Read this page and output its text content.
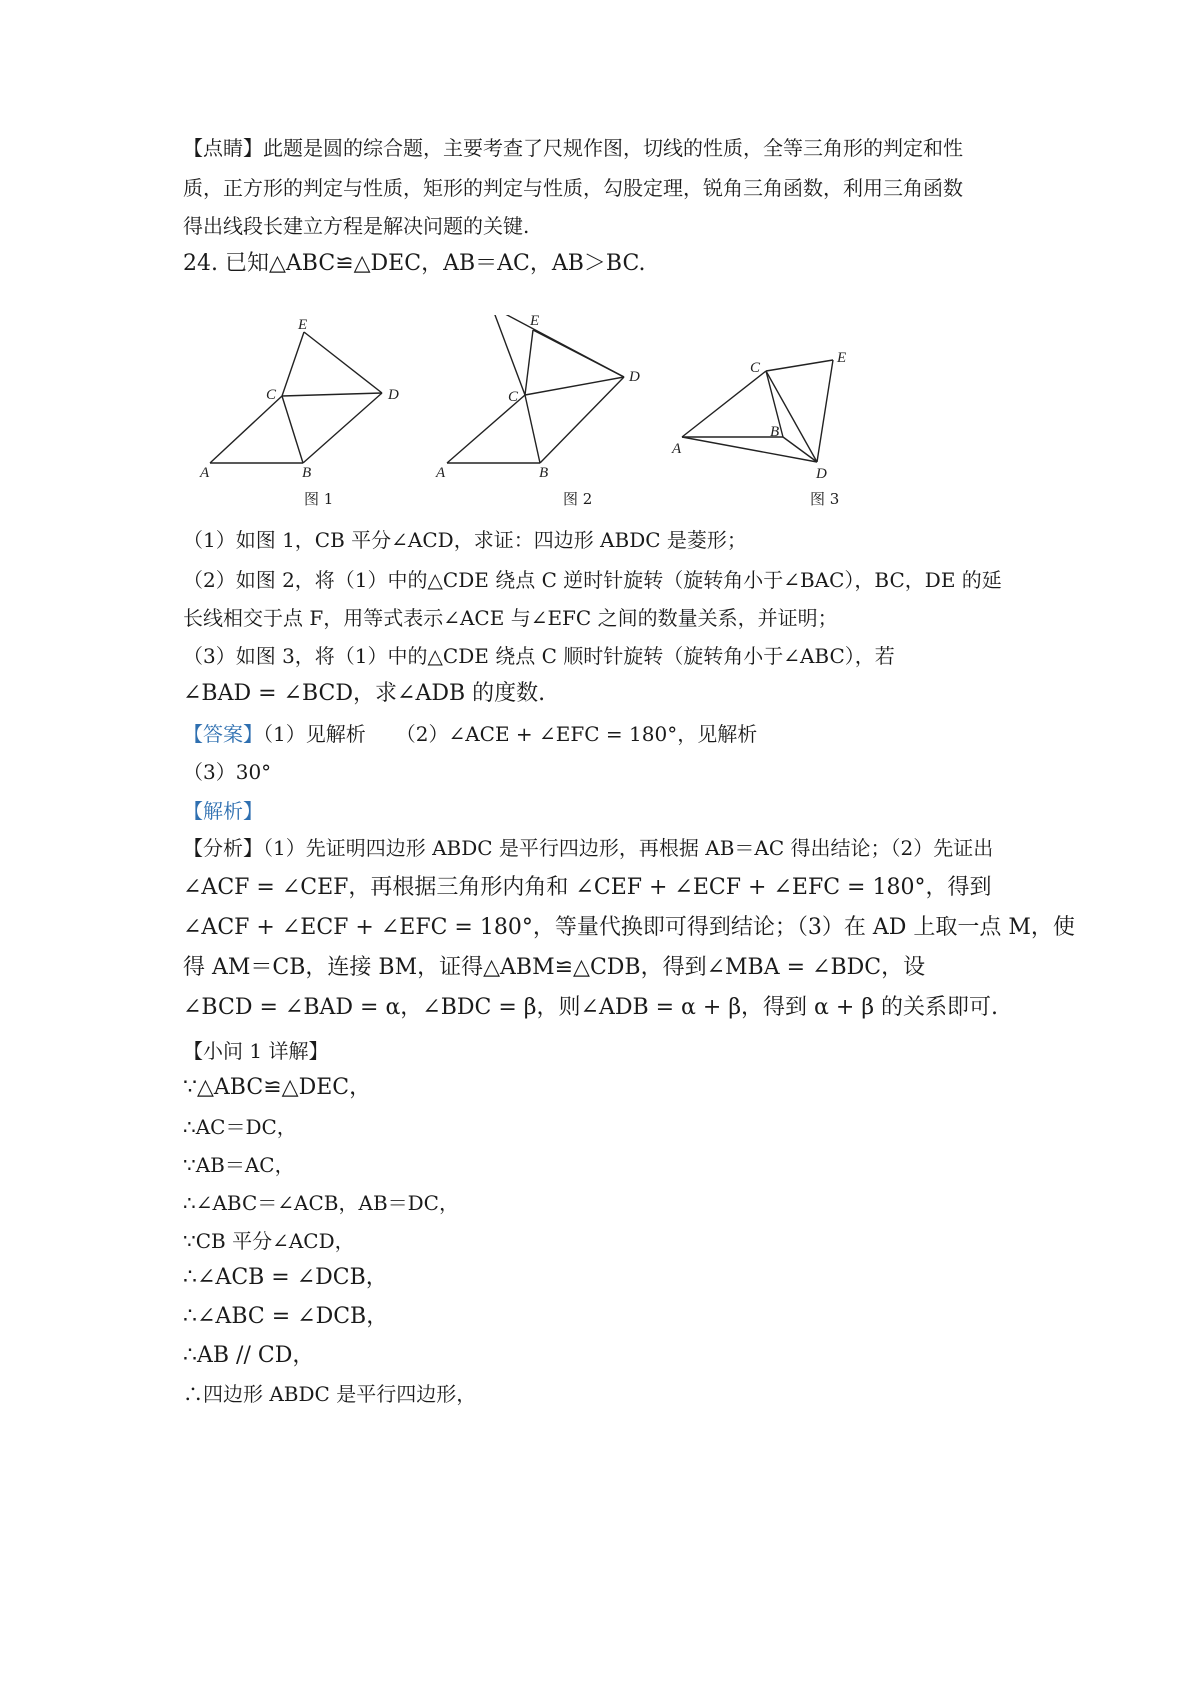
【点睛】此题是圆的综合题，主要考查了尺规作图，切线的性质，全等三角形的判定和性
质，正方形的判定与性质，矩形的判定与性质，勾股定理，锐角三角函数，利用三角函数
得出线段长建立方程是解决问题的关键.
24. 已知△ABC≌△DEC，AB＝AC，AB＞BC.
A	B
C	D
E
A	B
C
D
E
A
B
C
D
E
图 1	图 2	图 3
（1）如图 1，CB 平分∠ACD，求证：四边形 ABDC 是菱形；
（2）如图 2，将（1）中的△CDE 绕点 C 逆时针旋转（旋转角小于∠BAC），BC，DE 的延
长线相交于点 F，用等式表示∠ACE 与∠EFC 之间的数量关系，并证明；
（3）如图 3，将（1）中的△CDE 绕点 C 顺时针旋转（旋转角小于∠ABC），若
∠BAD = ∠BCD，求∠ADB 的度数.
【答案】（1）见解析　　（2）∠ACE + ∠EFC = 180°，见解析
（3）30°
【解析】
【分析】（1）先证明四边形 ABDC 是平行四边形，再根据 AB＝AC 得出结论；（2）先证出
∠ACF = ∠CEF，再根据三角形内角和 ∠CEF + ∠ECF + ∠EFC = 180°，得到
∠ACF + ∠ECF + ∠EFC = 180°，等量代换即可得到结论；（3）在 AD 上取一点 M，使
得 AM＝CB，连接 BM，证得△ABM≌△CDB，得到∠MBA = ∠BDC，设
∠BCD = ∠BAD = α，∠BDC = β，则∠ADB = α + β，得到 α + β 的关系即可.
【小问 1 详解】
∵△ABC≌△DEC，
∴AC＝DC，
∵AB＝AC，
∴∠ABC＝∠ACB，AB＝DC，
∵CB 平分∠ACD，
∴∠ACB = ∠DCB，
∴∠ABC = ∠DCB，
∴AB // CD，
∴四边形 ABDC 是平行四边形，
